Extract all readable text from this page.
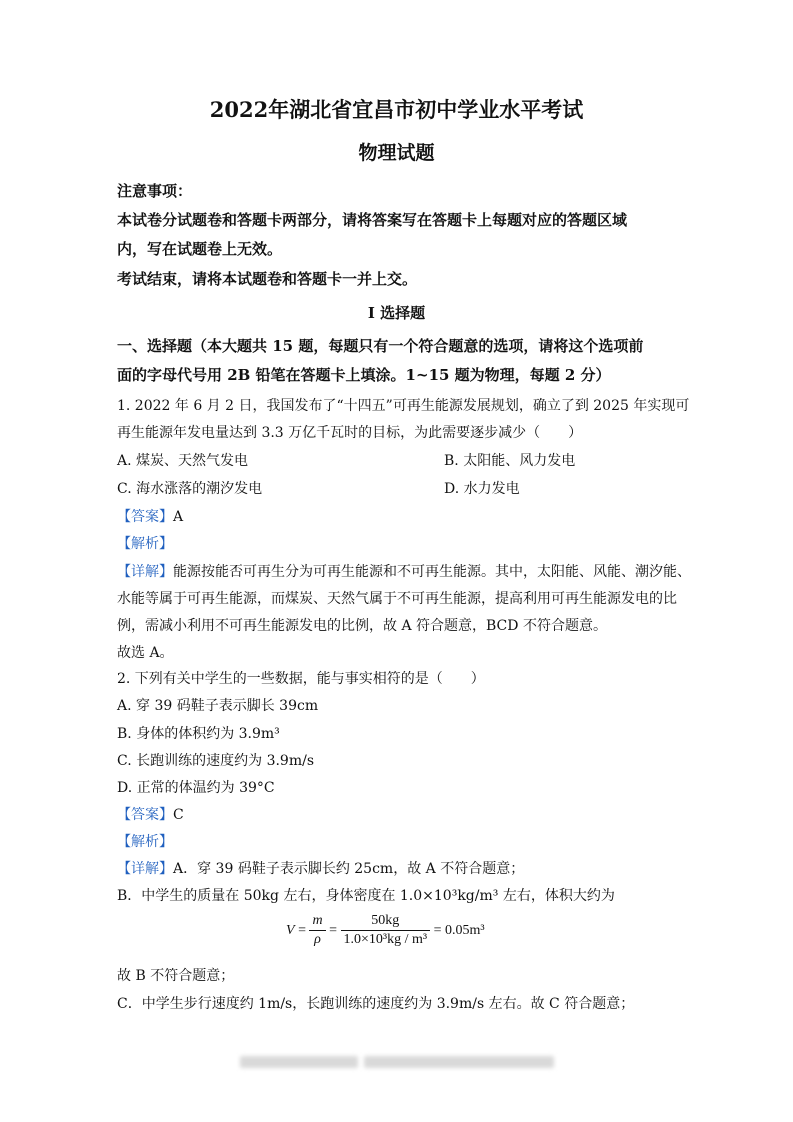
2022年湖北省宜昌市初中学业水平考试
物理试题
注意事项：
本试卷分试题卷和答题卡两部分，请将答案写在答题卡上每题对应的答题区域
内，写在试题卷上无效。
考试结束，请将本试题卷和答题卡一并上交。
I 选择题
一、选择题（本大题共 15 题，每题只有一个符合题意的选项，请将这个选项前
面的字母代号用 2B 铅笔在答题卡上填涂。1~15 题为物理，每题 2 分）
1. 2022 年 6 月 2 日，我国发布了“十四五”可再生能源发展规划，确立了到 2025 年实现可
再生能源年发电量达到 3.3 万亿千瓦时的目标，为此需要逐步减少（　　）
A. 煤炭、天然气发电	B. 太阳能、风力发电
C. 海水涨落的潮汐发电	D. 水力发电
【答案】A
【解析】
【详解】能源按能否可再生分为可再生能源和不可再生能源。其中，太阳能、风能、潮汐能、
水能等属于可再生能源，而煤炭、天然气属于不可再生能源，提高利用可再生能源发电的比
例，需减小利用不可再生能源发电的比例，故 A 符合题意，BCD 不符合题意。
故选 A。
2. 下列有关中学生的一些数据，能与事实相符的是（　　）
A. 穿 39 码鞋子表示脚长 39cm
B. 身体的体积约为 3.9m³
C. 长跑训练的速度约为 3.9m/s
D. 正常的体温约为 39°C
【答案】C
【解析】
【详解】A．穿 39 码鞋子表示脚长约 25cm，故 A 不符合题意；
B．中学生的质量在 50kg 左右，身体密度在 1.0×10³kg/m³ 左右，体积大约为
$V = \frac{m}{\rho} = \frac{50kg}{\text{1.0×10³kg / m³}} = 0.05m^3$
故 B 不符合题意；
C．中学生步行速度约 1m/s，长跑训练的速度约为 3.9m/s 左右。故 C 符合题意；
